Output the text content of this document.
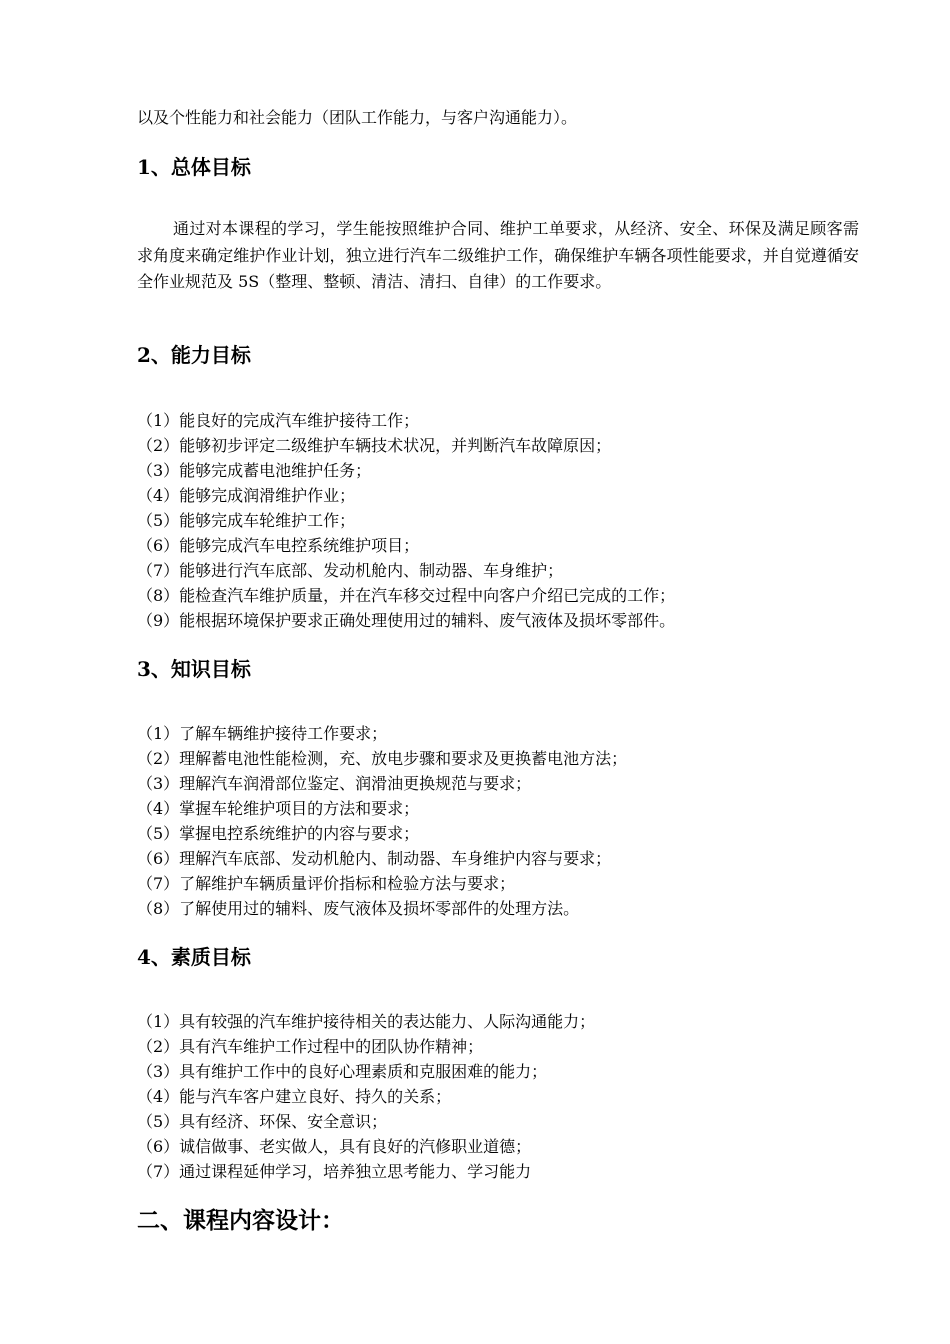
以及个性能力和社会能力（团队工作能力，与客户沟通能力）。
1、总体目标

通过对本课程的学习，学生能按照维护合同、维护工单要求，从经济、安全、环保及满足顾客需求角度来确定维护作业计划，独立进行汽车二级维护工作，确保维护车辆各项性能要求，并自觉遵循安全作业规范及 5S（整理、整顿、清洁、清扫、自律）的工作要求。

2、能力目标
（1）能良好的完成汽车维护接待工作；
（2）能够初步评定二级维护车辆技术状况，并判断汽车故障原因；
（3）能够完成蓄电池维护任务；
（4）能够完成润滑维护作业；
（5）能够完成车轮维护工作；
（6）能够完成汽车电控系统维护项目；
（7）能够进行汽车底部、发动机舱内、制动器、车身维护；
（8）能检查汽车维护质量，并在汽车移交过程中向客户介绍已完成的工作；
（9）能根据环境保护要求正确处理使用过的辅料、废气液体及损坏零部件。
3、知识目标
（1）了解车辆维护接待工作要求；
（2）理解蓄电池性能检测，充、放电步骤和要求及更换蓄电池方法；
（3）理解汽车润滑部位鉴定、润滑油更换规范与要求；
（4）掌握车轮维护项目的方法和要求；
（5）掌握电控系统维护的内容与要求；
（6）理解汽车底部、发动机舱内、制动器、车身维护内容与要求；
（7）了解维护车辆质量评价指标和检验方法与要求；
（8）了解使用过的辅料、废气液体及损坏零部件的处理方法。
4、素质目标
（1）具有较强的汽车维护接待相关的表达能力、人际沟通能力；
（2）具有汽车维护工作过程中的团队协作精神；
（3）具有维护工作中的良好心理素质和克服困难的能力；
（4）能与汽车客户建立良好、持久的关系；
（5）具有经济、环保、安全意识；
（6）诚信做事、老实做人，具有良好的汽修职业道德；
（7）通过课程延伸学习，培养独立思考能力、学习能力
二、课程内容设计：
